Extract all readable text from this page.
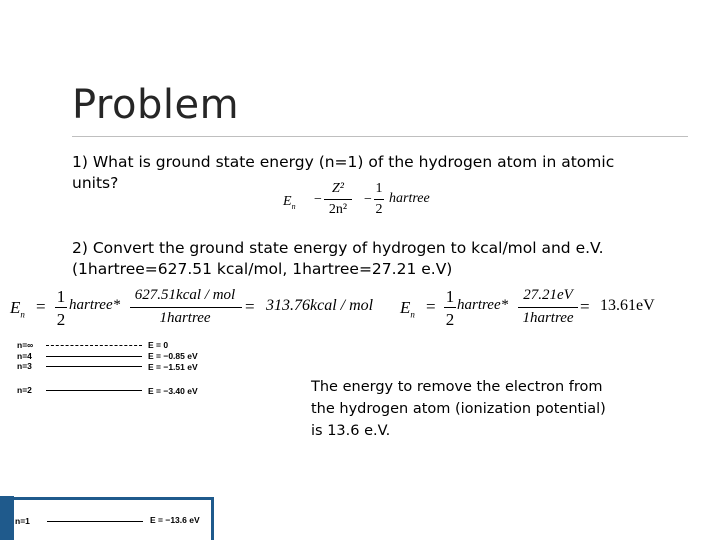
Problem
1) What is ground state energy (n=1) of the hydrogen atom in atomic units?
$E_n$ −
Z²
2n²
−
1
2
hartree
2) Convert the ground state energy of hydrogen to kcal/mol and e.V. (1hartree=627.51 kcal/mol, 1hartree=27.21 e.V)
$E_n$ =
1
2
hartree*
627.51kcal / mol
1hartree
= 313.76kcal / mol $E_n$ =
1
2
hartree*
27.21eV
1hartree
= 13.61eV
n=∞	E = 0
n=4	E = −0.85 eV
n=3	E = −1.51 eV
n=2	E = −3.40 eV	The energy to remove the electron from the hydrogen atom (ionization potential) is 13.6 e.V.
n=1	E = −13.6 eV
